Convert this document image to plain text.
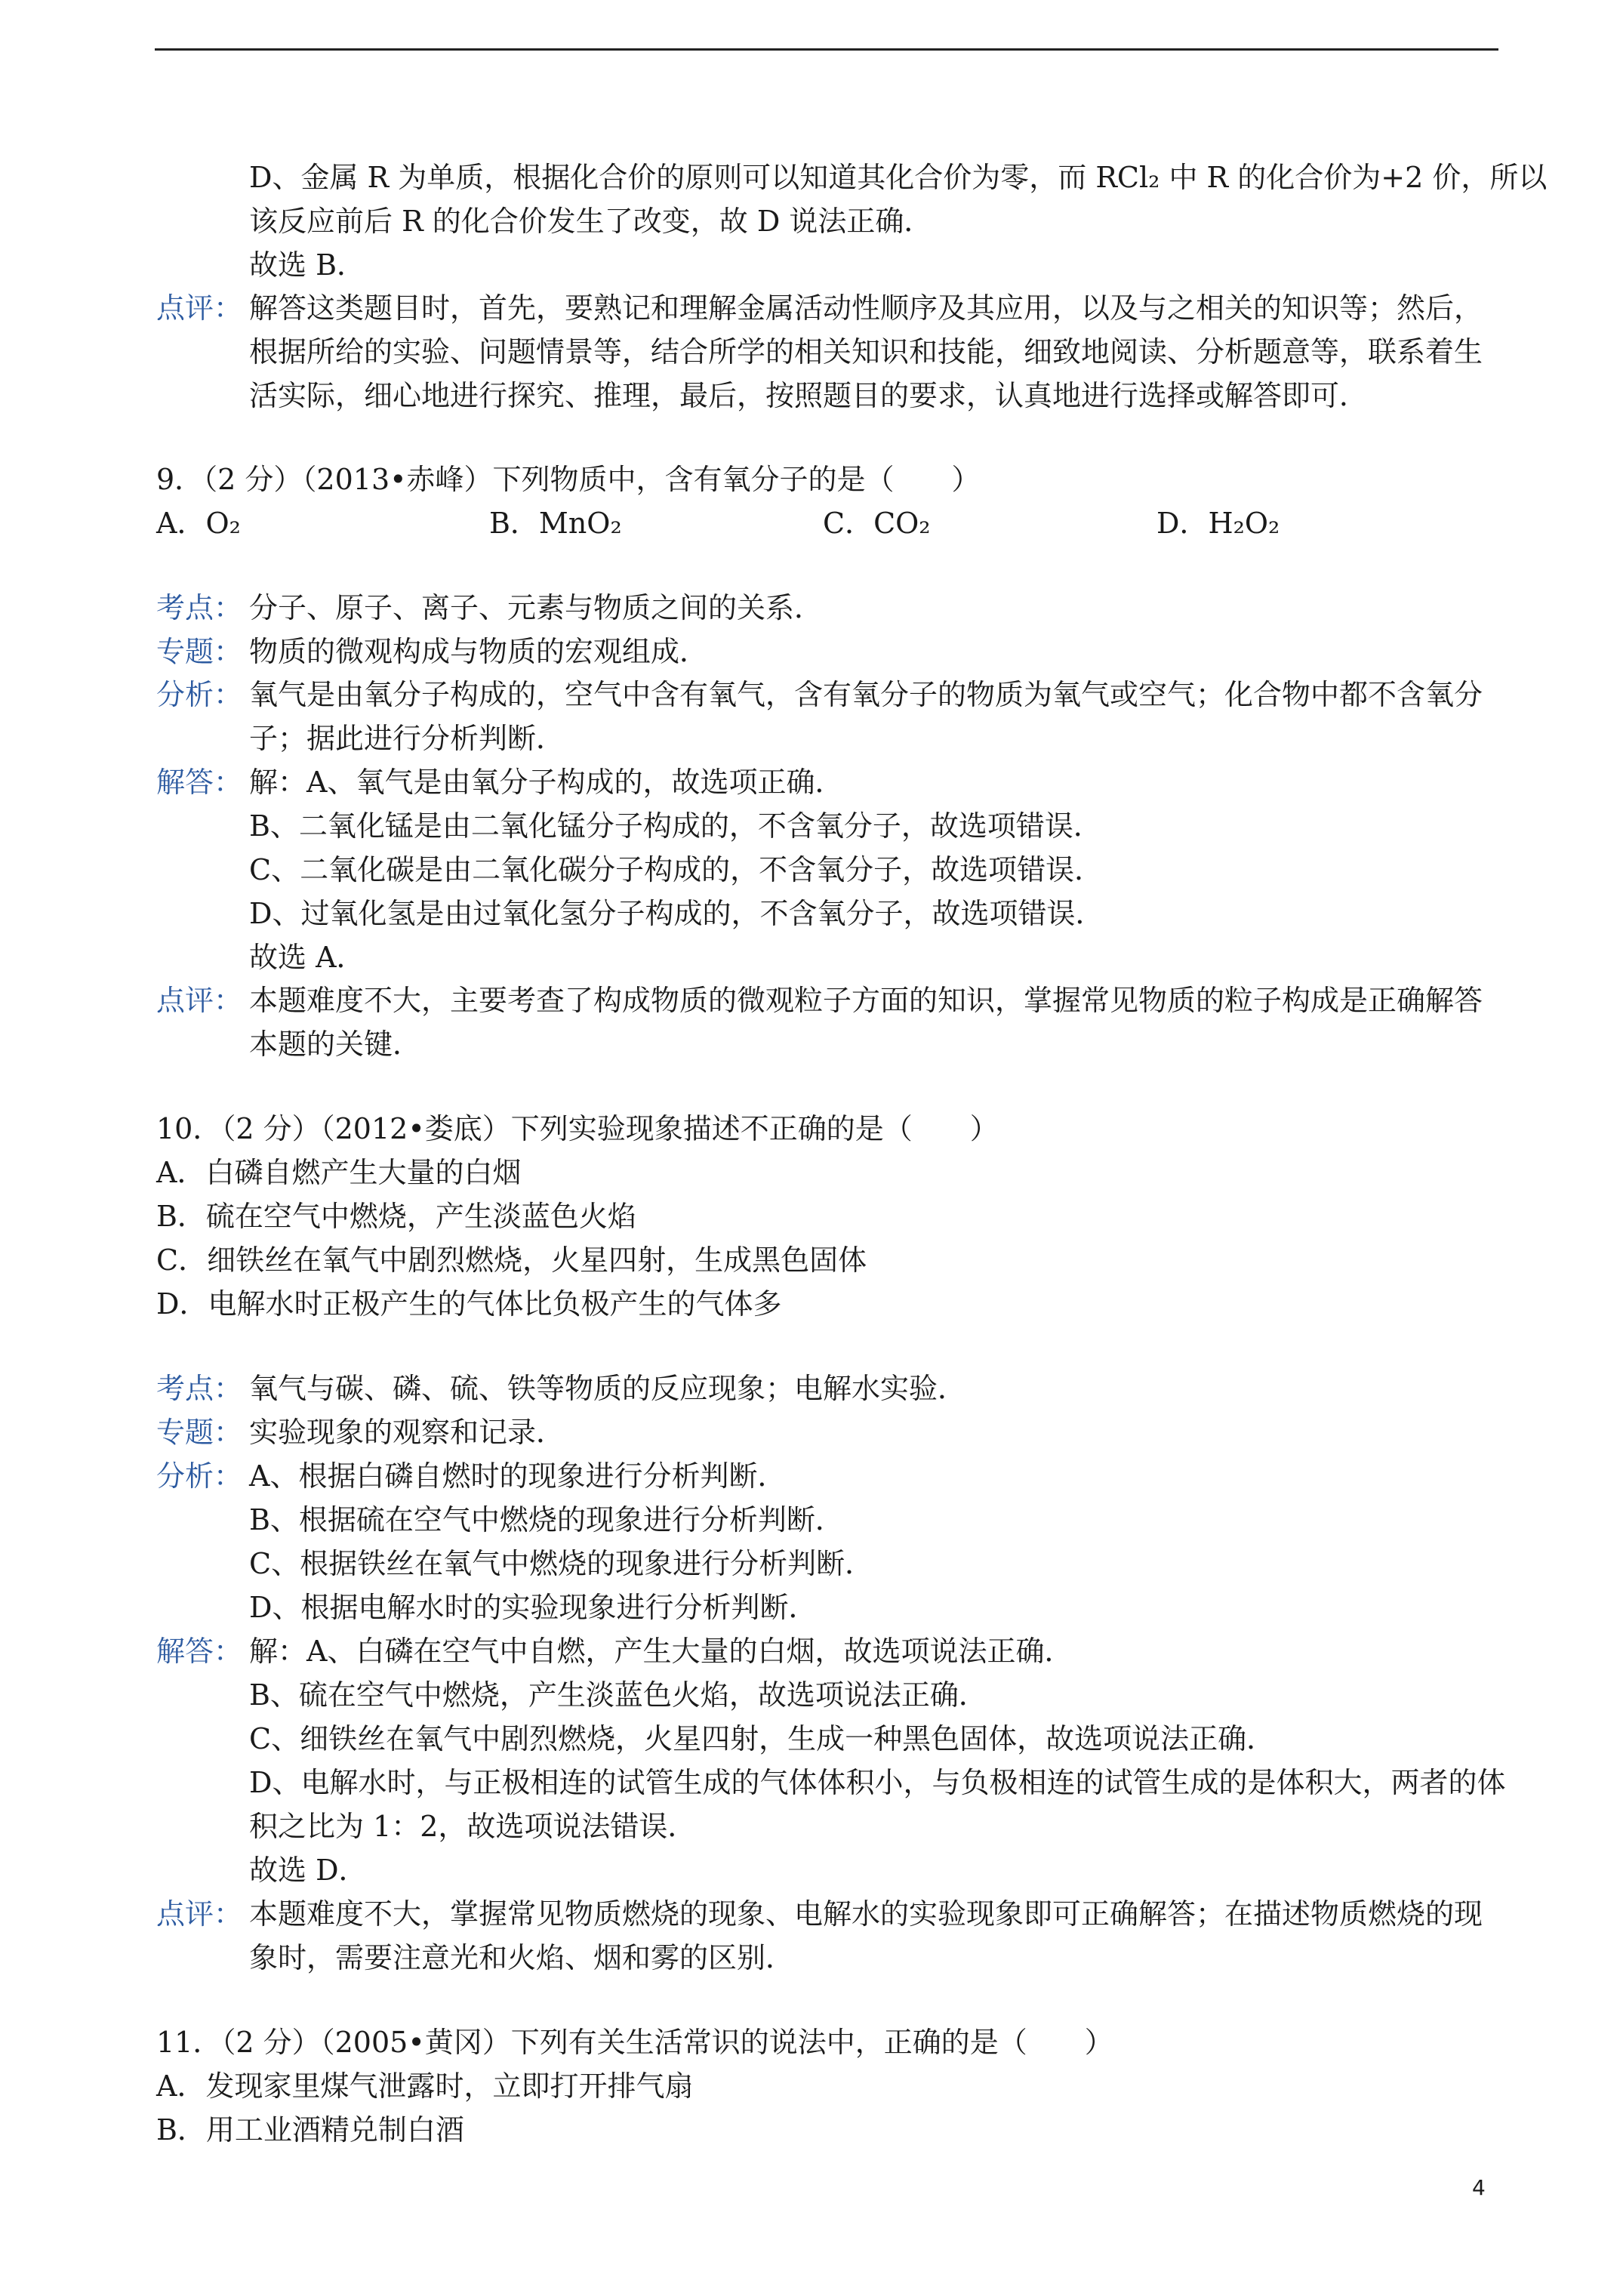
D、金属 R 为单质，根据化合价的原则可以知道其化合价为零，而 RCl₂ 中 R 的化合价为+2 价，所以
该反应前后 R 的化合价发生了改变，故 D 说法正确．
故选 B．
点评： 解答这类题目时，首先，要熟记和理解金属活动性顺序及其应用，以及与之相关的知识等；然后，
根据所给的实验、问题情景等，结合所学的相关知识和技能，细致地阅读、分析题意等，联系着生
活实际，细心地进行探究、推理，最后，按照题目的要求，认真地进行选择或解答即可．
9．（2 分）（2013•赤峰）下列物质中，含有氧分子的是（　　）
A．O₂	B．MnO₂	C．CO₂	D．H₂O₂
考点： 分子、原子、离子、元素与物质之间的关系．
专题： 物质的微观构成与物质的宏观组成．
分析： 氧气是由氧分子构成的，空气中含有氧气，含有氧分子的物质为氧气或空气；化合物中都不含氧分
子；据此进行分析判断．
解答： 解：A、氧气是由氧分子构成的，故选项正确．
B、二氧化锰是由二氧化锰分子构成的，不含氧分子，故选项错误．
C、二氧化碳是由二氧化碳分子构成的，不含氧分子，故选项错误．
D、过氧化氢是由过氧化氢分子构成的，不含氧分子，故选项错误．
故选 A．
点评： 本题难度不大，主要考查了构成物质的微观粒子方面的知识，掌握常见物质的粒子构成是正确解答
本题的关键．
10．（2 分）（2012•娄底）下列实验现象描述不正确的是（　　）
A．白磷自燃产生大量的白烟
B．硫在空气中燃烧，产生淡蓝色火焰
C．细铁丝在氧气中剧烈燃烧，火星四射，生成黑色固体
D．电解水时正极产生的气体比负极产生的气体多
考点： 氧气与碳、磷、硫、铁等物质的反应现象；电解水实验．
专题： 实验现象的观察和记录．
分析： A、根据白磷自燃时的现象进行分析判断．
B、根据硫在空气中燃烧的现象进行分析判断．
C、根据铁丝在氧气中燃烧的现象进行分析判断．
D、根据电解水时的实验现象进行分析判断．
解答： 解：A、白磷在空气中自燃，产生大量的白烟，故选项说法正确．
B、硫在空气中燃烧，产生淡蓝色火焰，故选项说法正确．
C、细铁丝在氧气中剧烈燃烧，火星四射，生成一种黑色固体，故选项说法正确．
D、电解水时，与正极相连的试管生成的气体体积小，与负极相连的试管生成的是体积大，两者的体
积之比为 1：2，故选项说法错误．
故选 D．
点评： 本题难度不大，掌握常见物质燃烧的现象、电解水的实验现象即可正确解答；在描述物质燃烧的现
象时，需要注意光和火焰、烟和雾的区别．
11．（2 分）（2005•黄冈）下列有关生活常识的说法中，正确的是（　　）
A．发现家里煤气泄露时，立即打开排气扇
B．用工业酒精兑制白酒
4
